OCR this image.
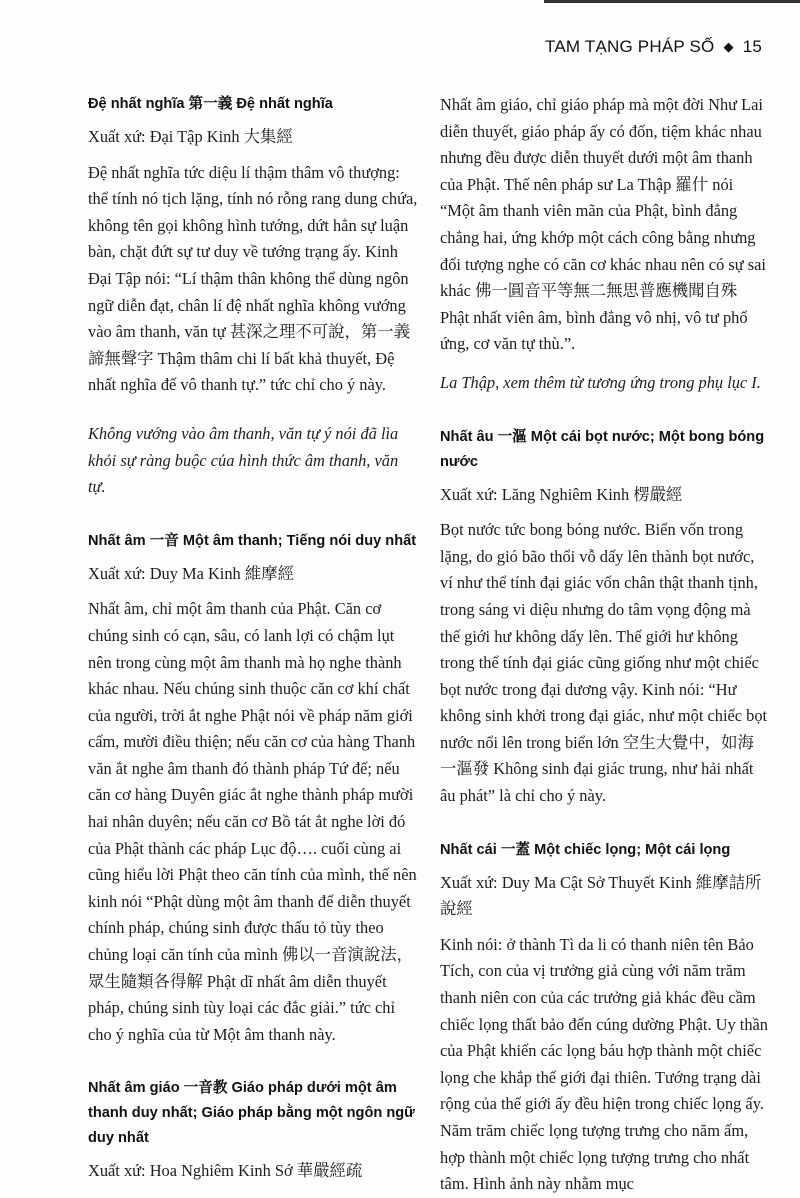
TAM TẠNG PHÁP SỐ ◆ 15
Đệ nhất nghĩa 第一義 Đệ nhất nghĩa

Xuất xứ: Đại Tập Kinh 大集經

Đệ nhất nghĩa tức diệu lí thậm thâm vô thượng: thể tính nó tịch lặng, tính nó rỗng rang dung chứa, không tên gọi không hình tướng, dứt hẳn sự luận bàn, chặt đứt sự tư duy về tướng trạng ấy. Kinh Đại Tập nói: “Lí thậm thân không thể dùng ngôn ngữ diễn đạt, chân lí đệ nhất nghĩa không vướng vào âm thanh, văn tự 甚深之理不可說，第一義諦無聲字 Thậm thâm chi lí bất khả thuyết, Đệ nhất nghĩa đế vô thanh tự.” tức chỉ cho ý này.

Không vướng vào âm thanh, văn tự ý nói đã lìa khỏi sự ràng buộc của hình thức âm thanh, văn tự.

Nhất âm 一音 Một âm thanh; Tiếng nói duy nhất

Xuất xứ: Duy Ma Kinh 維摩經

Nhất âm, chỉ một âm thanh của Phật. Căn cơ chúng sinh có cạn, sâu, có lanh lợi có chậm lụt nên trong cùng một âm thanh mà họ nghe thành khác nhau. Nếu chúng sinh thuộc căn cơ khí chất của người, trời ắt nghe Phật nói về pháp năm giới cấm, mười điều thiện; nếu căn cơ của hàng Thanh văn ắt nghe âm thanh đó thành pháp Tứ đế; nếu căn cơ hàng Duyên giác ắt nghe thành pháp mười hai nhân duyên; nếu căn cơ Bồ tát ắt nghe lời đó của Phật thành các pháp Lục độ…. cuối cùng ai cũng hiểu lời Phật theo căn tính của mình, thế nên kinh nói “Phật dùng một âm thanh để diễn thuyết chính pháp, chúng sinh được thấu tỏ tùy theo chủng loại căn tính của mình 佛以一音演說法，眾生隨類各得解 Phật dĩ nhất âm diễn thuyết pháp, chúng sinh tùy loại các đắc giải.” tức chỉ cho ý nghĩa của từ Một âm thanh này.

Nhất âm giáo 一音教 Giáo pháp dưới một âm thanh duy nhất; Giáo pháp bằng một ngôn ngữ duy nhất

Xuất xứ: Hoa Nghiêm Kinh Sớ 華嚴經疏

Nhất âm giáo, chỉ giáo pháp mà một đời Như Lai diễn thuyết, giáo pháp ấy có đốn, tiệm khác nhau nhưng đều được diễn thuyết dưới một âm thanh của Phật. Thế nên pháp sư La Thập 羅什 nói “Một âm thanh viên mãn của Phật, bình đẳng chẳng hai, ứng khớp một cách công bằng nhưng đối tượng nghe có căn cơ khác nhau nên có sự sai khác 佛一圓音平等無二無思普應機聞自殊 Phật nhất viên âm, bình đẳng vô nhị, vô tư phổ ứng, cơ văn tự thù.”.

La Thập, xem thêm từ tương ứng trong phụ lục I.

Nhất âu 一漚 Một cái bọt nước; Một bong bóng nước

Xuất xứ: Lăng Nghiêm Kinh 楞嚴經

Bọt nước tức bong bóng nước. Biển vốn trong lặng, do gió bão thổi vỗ dấy lên thành bọt nước, ví như thể tính đại giác vốn chân thật thanh tịnh, trong sáng vi diệu nhưng do tâm vọng động mà thế giới hư không dấy lên. Thế giới hư không trong thể tính đại giác cũng giống như một chiếc bọt nước trong đại dương vậy. Kinh nói: “Hư không sinh khởi trong đại giác, như một chiếc bọt nước nổi lên trong biển lớn 空生大覺中，如海一漚發 Không sinh đại giác trung, như hải nhất âu phát” là chỉ cho ý này.

Nhất cái 一蓋 Một chiếc lọng; Một cái lọng

Xuất xứ: Duy Ma Cật Sở Thuyết Kinh 維摩詰所說經

Kinh nói: ở thành Tì da li có thanh niên tên Bảo Tích, con của vị trưởng giả cùng với năm trăm thanh niên con của các trưởng giả khác đều cầm chiếc lọng thất bảo đến cúng dường Phật. Uy thần của Phật khiến các lọng báu hợp thành một chiếc lọng che khắp thế giới đại thiên. Tướng trạng dài rộng của thế giới ấy đều hiện trong chiếc lọng ấy. Năm trăm chiếc lọng tượng trưng cho năm ấm, hợp thành một chiếc lọng tượng trưng cho nhất tâm. Hình ảnh này nhằm mục
